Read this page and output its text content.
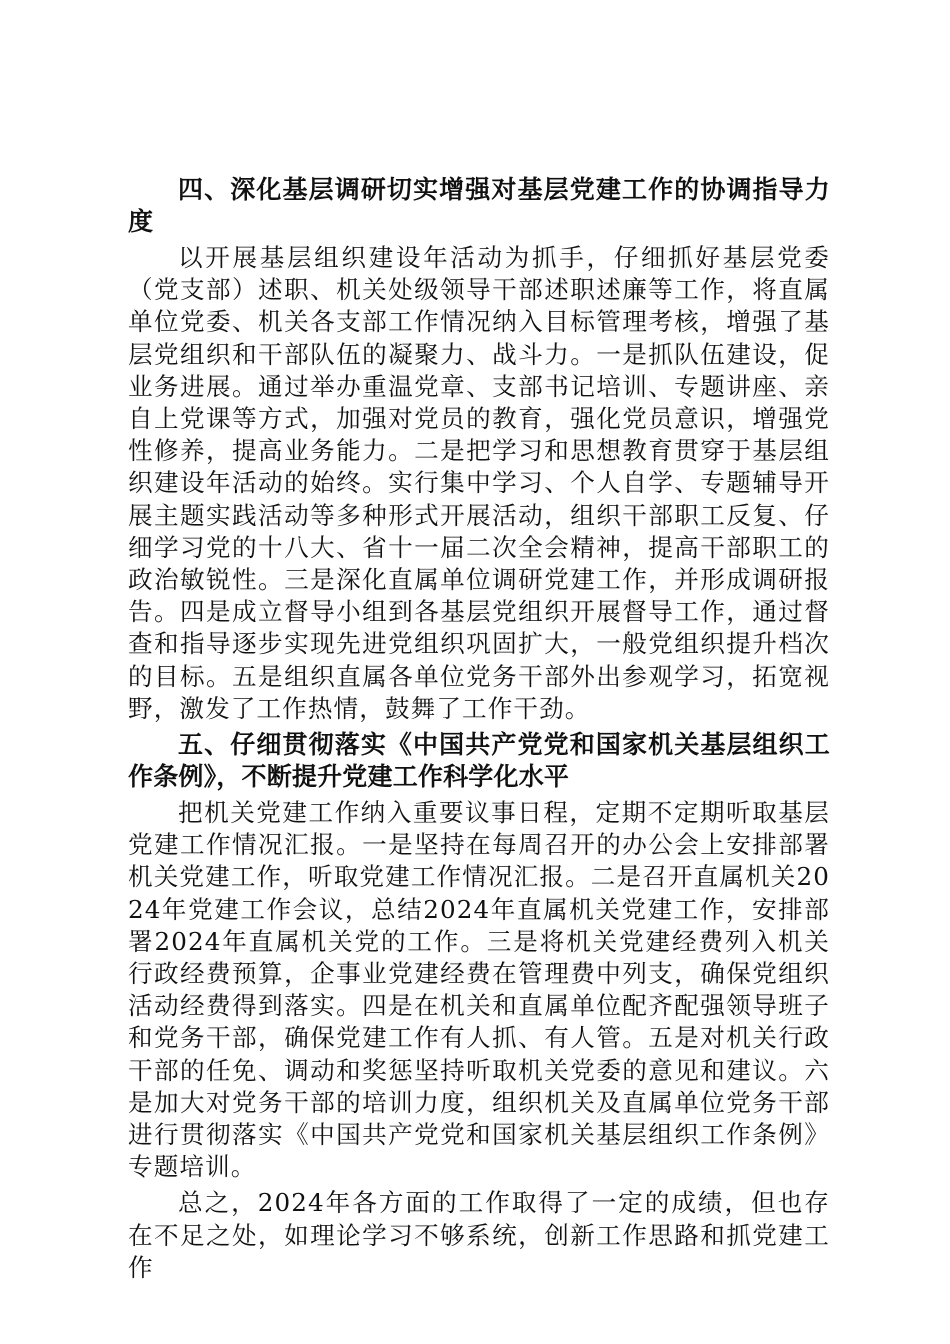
四、深化基层调研切实增强对基层党建工作的协调指导力度
以开展基层组织建设年活动为抓手，仔细抓好基层党委（党支部）述职、机关处级领导干部述职述廉等工作，将直属单位党委、机关各支部工作情况纳入目标管理考核，增强了基层党组织和干部队伍的凝聚力、战斗力。一是抓队伍建设，促业务进展。通过举办重温党章、支部书记培训、专题讲座、亲自上党课等方式，加强对党员的教育，强化党员意识，增强党性修养，提高业务能力。二是把学习和思想教育贯穿于基层组织建设年活动的始终。实行集中学习、个人自学、专题辅导开展主题实践活动等多种形式开展活动，组织干部职工反复、仔细学习党的十八大、省十一届二次全会精神，提高干部职工的政治敏锐性。三是深化直属单位调研党建工作，并形成调研报告。四是成立督导小组到各基层党组织开展督导工作，通过督查和指导逐步实现先进党组织巩固扩大，一般党组织提升档次的目标。五是组织直属各单位党务干部外出参观学习，拓宽视野，激发了工作热情，鼓舞了工作干劲。
五、仔细贯彻落实《中国共产党党和国家机关基层组织工作条例》，不断提升党建工作科学化水平
把机关党建工作纳入重要议事日程，定期不定期听取基层党建工作情况汇报。一是坚持在每周召开的办公会上安排部署机关党建工作，听取党建工作情况汇报。二是召开直属机关2024年党建工作会议，总结2024年直属机关党建工作，安排部署2024年直属机关党的工作。三是将机关党建经费列入机关行政经费预算，企事业党建经费在管理费中列支，确保党组织活动经费得到落实。四是在机关和直属单位配齐配强领导班子和党务干部，确保党建工作有人抓、有人管。五是对机关行政干部的任免、调动和奖惩坚持听取机关党委的意见和建议。六是加大对党务干部的培训力度，组织机关及直属单位党务干部进行贯彻落实《中国共产党党和国家机关基层组织工作条例》专题培训。
总之，2024年各方面的工作取得了一定的成绩，但也存在不足之处，如理论学习不够系统，创新工作思路和抓党建工作
